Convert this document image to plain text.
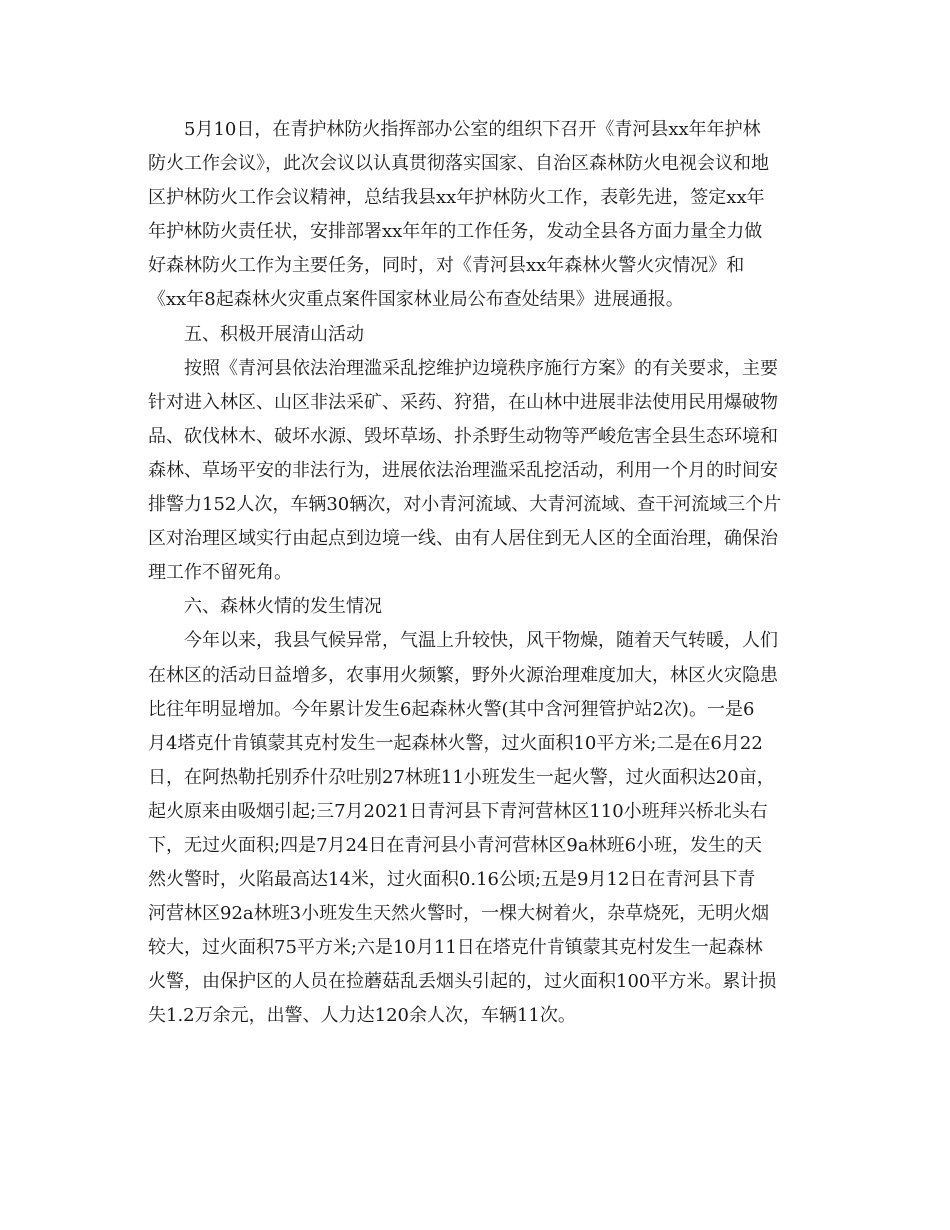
5月10日，在青护林防火指挥部办公室的组织下召开《青河县xx年年护林
防火工作会议》，此次会议以认真贯彻落实国家、自治区森林防火电视会议和地
区护林防火工作会议精神，总结我县xx年护林防火工作，表彰先进，签定xx年
年护林防火责任状，安排部署xx年年的工作任务，发动全县各方面力量全力做
好森林防火工作为主要任务，同时，对《青河县xx年森林火警火灾情况》和
《xx年8起森林火灾重点案件国家林业局公布查处结果》进展通报。
五、积极开展清山活动
按照《青河县依法治理滥采乱挖维护边境秩序施行方案》的有关要求，主要
针对进入林区、山区非法采矿、采药、狩猎，在山林中进展非法使用民用爆破物
品、砍伐林木、破坏水源、毁坏草场、扑杀野生动物等严峻危害全县生态环境和
森林、草场平安的非法行为，进展依法治理滥采乱挖活动，利用一个月的时间安
排警力152人次，车辆30辆次，对小青河流域、大青河流域、查干河流域三个片
区对治理区域实行由起点到边境一线、由有人居住到无人区的全面治理，确保治
理工作不留死角。
六、森林火情的发生情况
今年以来，我县气候异常，气温上升较快，风干物燥，随着天气转暖，人们
在林区的活动日益增多，农事用火频繁，野外火源治理难度加大，林区火灾隐患
比往年明显增加。今年累计发生6起森林火警(其中含河狸管护站2次)。一是6
月4塔克什肯镇蒙其克村发生一起森林火警，过火面积10平方米;二是在6月22
日，在阿热勒托别乔什尕吐别27林班11小班发生一起火警，过火面积达20亩，
起火原来由吸烟引起;三7月2021日青河县下青河营林区110小班拜兴桥北头右
下，无过火面积;四是7月24日在青河县小青河营林区9a林班6小班，发生的天
然火警时，火陷最高达14米，过火面积0.16公顷;五是9月12日在青河县下青
河营林区92a林班3小班发生天然火警时，一棵大树着火，杂草烧死，无明火烟
较大，过火面积75平方米;六是10月11日在塔克什肯镇蒙其克村发生一起森林
火警，由保护区的人员在捡蘑菇乱丢烟头引起的，过火面积100平方米。累计损
失1.2万余元，出警、人力达120余人次，车辆11次。
